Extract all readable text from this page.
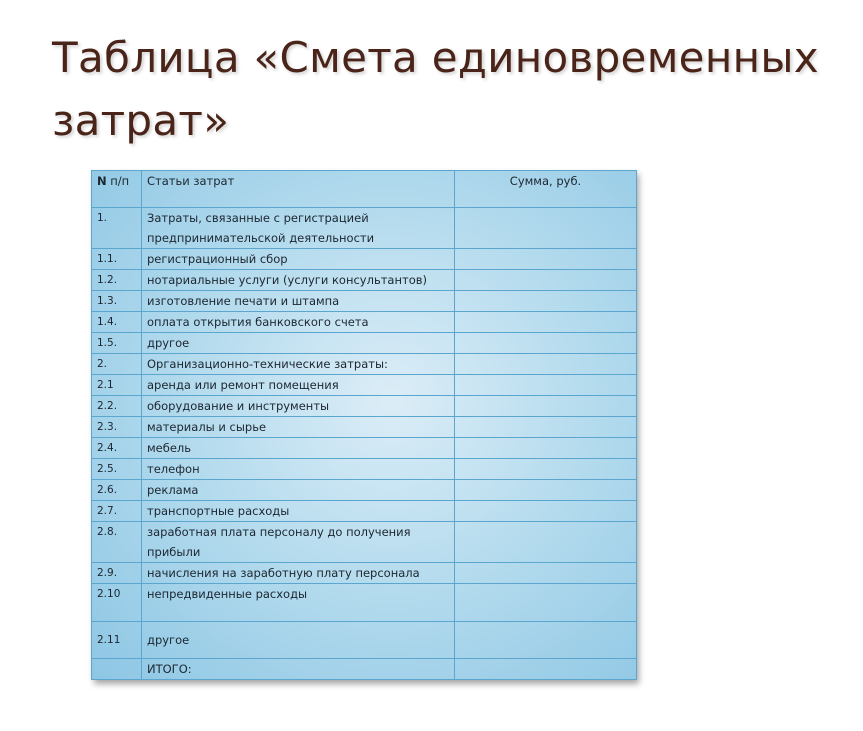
Таблица «Смета единовременных затрат»
N п/п	Статьи затрат	Сумма, руб.
1.	Затраты, связанные с регистрацией предпринимательской деятельности	
1.1.	регистрационный сбор	
1.2.	нотариальные услуги (услуги консультантов)	
1.3.	изготовление печати и штампа	
1.4.	оплата открытия банковского счета	
1.5.	другое	
2.	Организационно-технические затраты:	
2.1	аренда или ремонт помещения	
2.2.	оборудование и инструменты	
2.3.	материалы и сырье	
2.4.	мебель	
2.5.	телефон	
2.6.	реклама	
2.7.	транспортные расходы	
2.8.	заработная плата персоналу до получения прибыли	
2.9.	начисления на заработную плату персонала	
2.10	непредвиденные расходы	
2.11	другое	
	ИТОГО:	
